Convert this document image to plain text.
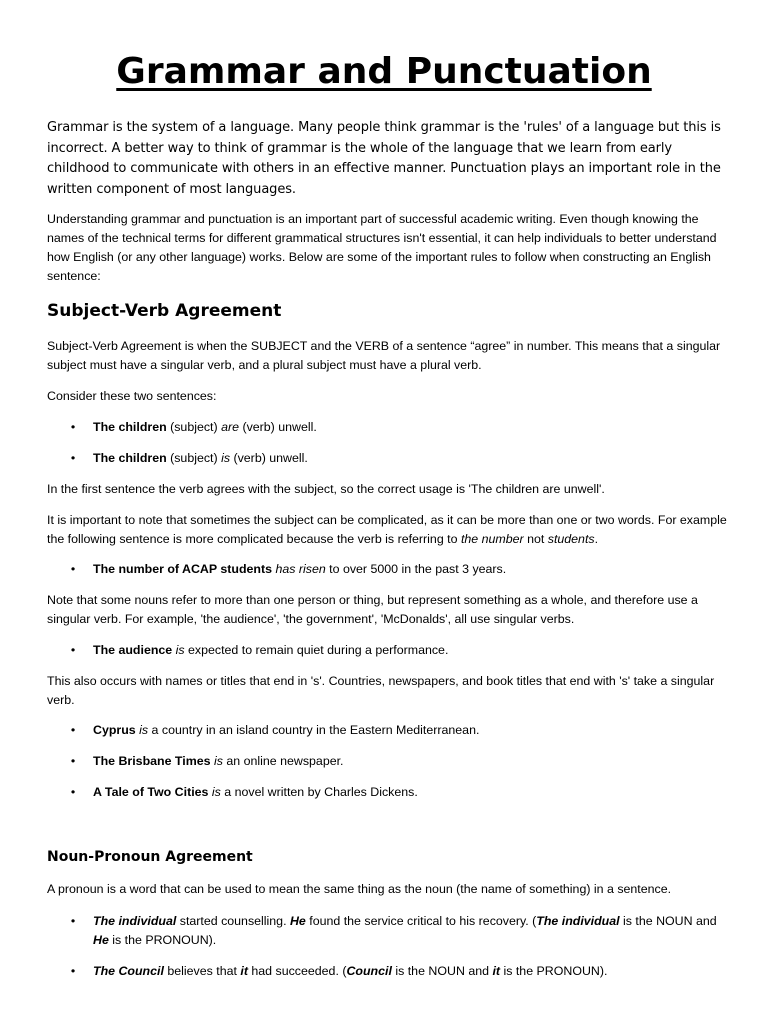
Grammar and Punctuation

Grammar is the system of a language. Many people think grammar is the 'rules' of a language but this is incorrect. A better way to think of grammar is the whole of the language that we learn from early childhood to communicate with others in an effective manner. Punctuation plays an important role in the written component of most languages.

Understanding grammar and punctuation is an important part of successful academic writing. Even though knowing the names of the technical terms for different grammatical structures isn't essential, it can help individuals to better understand how English (or any other language) works. Below are some of the important rules to follow when constructing an English sentence:

Subject-Verb Agreement

Subject-Verb Agreement is when the SUBJECT and the VERB of a sentence “agree” in number. This means that a singular subject must have a singular verb, and a plural subject must have a plural verb.

Consider these two sentences:

• The children (subject) are (verb) unwell.
• The children (subject) is (verb) unwell.

In the first sentence the verb agrees with the subject, so the correct usage is 'The children are unwell'.

It is important to note that sometimes the subject can be complicated, as it can be more than one or two words. For example the following sentence is more complicated because the verb is referring to the number not students.

• The number of ACAP students has risen to over 5000 in the past 3 years.

Note that some nouns refer to more than one person or thing, but represent something as a whole, and therefore use a singular verb. For example, 'the audience', 'the government', 'McDonalds', all use singular verbs.

• The audience is expected to remain quiet during a performance.

This also occurs with names or titles that end in 's'. Countries, newspapers, and book titles that end with 's' take a singular verb.

• Cyprus is a country in an island country in the Eastern Mediterranean.
• The Brisbane Times is an online newspaper.
• A Tale of Two Cities is a novel written by Charles Dickens.
Noun-Pronoun Agreement

A pronoun is a word that can be used to mean the same thing as the noun (the name of something) in a sentence.

• The individual started counselling. He found the service critical to his recovery. (The individual is the NOUN and He is the PRONOUN).
• The Council believes that it had succeeded. (Council is the NOUN and it is the PRONOUN).
